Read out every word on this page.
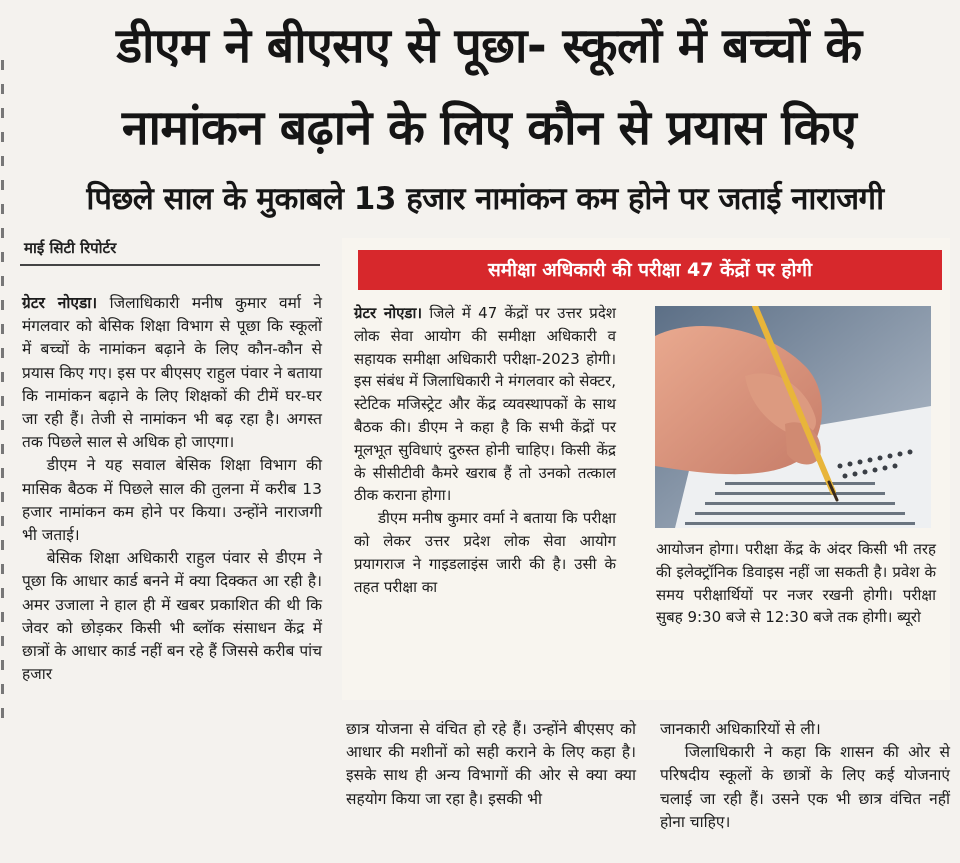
डीएम ने बीएसए से पूछा- स्कूलों में बच्चों के
नामांकन बढ़ाने के लिए कौन से प्रयास किए
पिछले साल के मुकाबले 13 हजार नामांकन कम होने पर जताई नाराजगी
माई सिटी रिपोर्टर

ग्रेटर नोएडा। जिलाधिकारी मनीष कुमार वर्मा ने मंगलवार को बेसिक शिक्षा विभाग से पूछा कि स्कूलों में बच्चों के नामांकन बढ़ाने के लिए कौन-कौन से प्रयास किए गए। इस पर बीएसए राहुल पंवार ने बताया कि नामांकन बढ़ाने के लिए शिक्षकों की टीमें घर-घर जा रही हैं। तेजी से नामांकन भी बढ़ रहा है। अगस्त तक पिछले साल से अधिक हो जाएगा।

डीएम ने यह सवाल बेसिक शिक्षा विभाग की मासिक बैठक में पिछले साल की तुलना में करीब 13 हजार नामांकन कम होने पर किया। उन्होंने नाराजगी भी जताई।

बेसिक शिक्षा अधिकारी राहुल पंवार से डीएम ने पूछा कि आधार कार्ड बनने में क्या दिक्कत आ रही है। अमर उजाला ने हाल ही में खबर प्रकाशित की थी कि जेवर को छोड़कर किसी भी ब्लॉक संसाधन केंद्र में छात्रों के आधार कार्ड नहीं बन रहे हैं जिससे करीब पांच हजार

समीक्षा अधिकारी की परीक्षा 47 केंद्रों पर होगी

ग्रेटर नोएडा। जिले में 47 केंद्रों पर उत्तर प्रदेश लोक सेवा आयोग की समीक्षा अधिकारी व सहायक समीक्षा अधिकारी परीक्षा-2023 होगी। इस संबंध में जिलाधिकारी ने मंगलवार को सेक्टर, स्टेटिक मजिस्ट्रेट और केंद्र व्यवस्थापकों के साथ बैठक की। डीएम ने कहा है कि सभी केंद्रों पर मूलभूत सुविधाएं दुरुस्त होनी चाहिए। किसी केंद्र के सीसीटीवी कैमरे खराब हैं तो उनको तत्काल ठीक कराना होगा।

डीएम मनीष कुमार वर्मा ने बताया कि परीक्षा को लेकर उत्तर प्रदेश लोक सेवा आयोग प्रयागराज ने गाइडलाइंस जारी की है। उसी के तहत परीक्षा का

आयोजन होगा। परीक्षा केंद्र के अंदर किसी भी तरह की इलेक्ट्रॉनिक डिवाइस नहीं जा सकती है। प्रवेश के समय परीक्षार्थियों पर नजर रखनी होगी। परीक्षा सुबह 9:30 बजे से 12:30 बजे तक होगी। ब्यूरो

छात्र योजना से वंचित हो रहे हैं। उन्होंने बीएसए को आधार की मशीनों को सही कराने के लिए कहा है। इसके साथ ही अन्य विभागों की ओर से क्या क्या सहयोग किया जा रहा है। इसकी भी

जानकारी अधिकारियों से ली।

जिलाधिकारी ने कहा कि शासन की ओर से परिषदीय स्कूलों के छात्रों के लिए कई योजनाएं चलाई जा रही हैं। उसने एक भी छात्र वंचित नहीं होना चाहिए।
